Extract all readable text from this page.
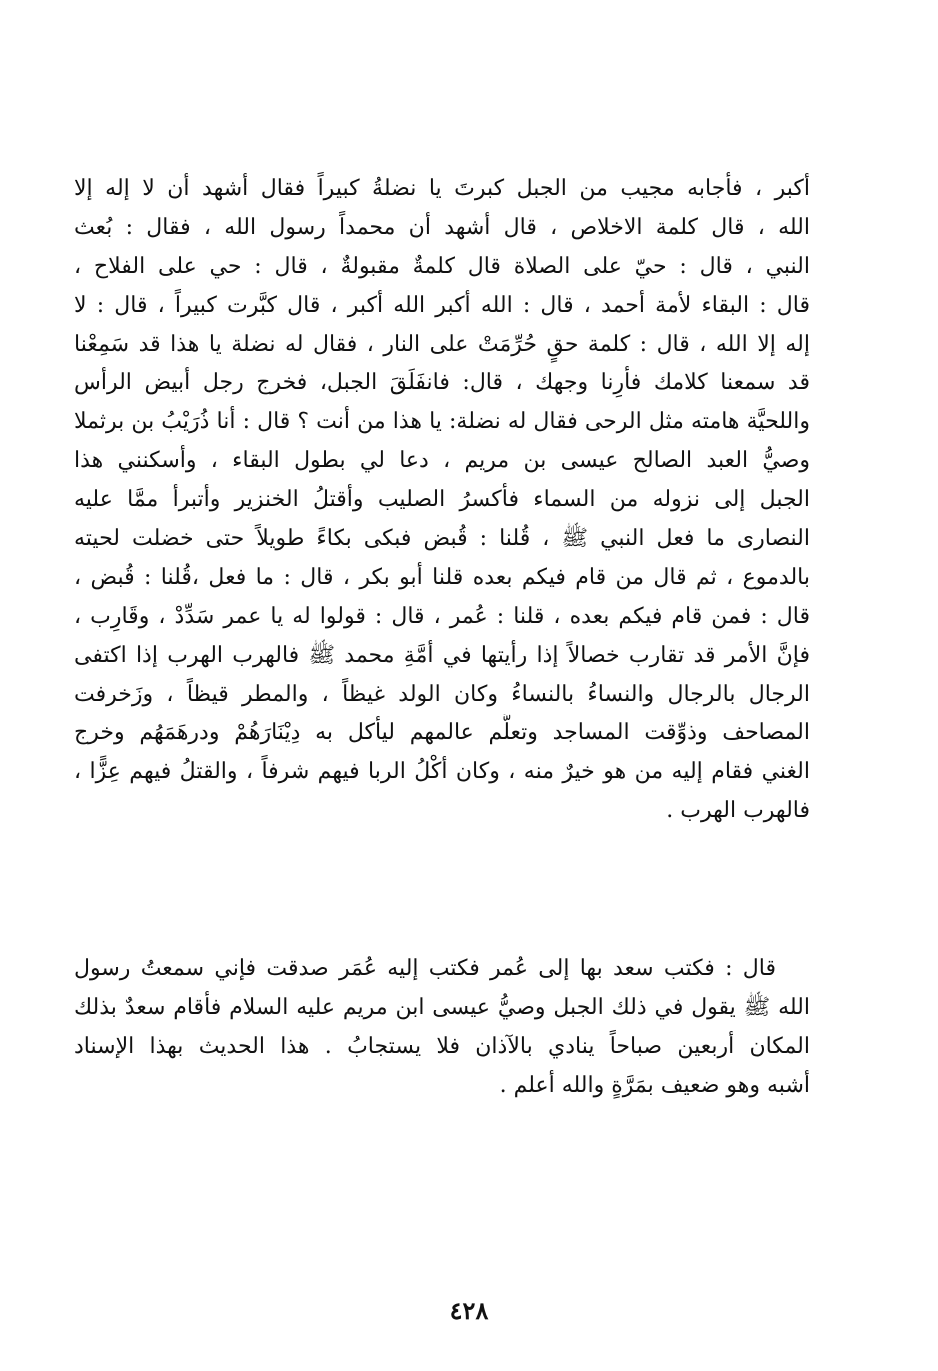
أكبر ، فأجابه مجيب من الجبل كبرتَ يا نضلةُ كبيراً فقال أشهد أن لا إله إلا
الله ، قال كلمة الاخلاص ، قال أشهد أن محمداً رسول الله ، فقال : بُعث
النبي ، قال : حيّ على الصلاة قال كلمةٌ مقبولةٌ ، قال : حي على الفلاح ،
قال : البقاء لأمة أحمد ، قال : الله أكبر الله أكبر ، قال كبَّرت كبيراً ، قال : لا
إله إلا الله ، قال : كلمة حقٍ حُرِّمَتْ على النار ، فقال له نضلة يا هذا قد سَمِعْنا
قد سمعنا كلامك فأرِنا وجهك ، قال: فانفَلَقَ الجبل، فخرج رجل أبيض الرأس
واللحيَّة هامته مثل الرحى فقال له نضلة: يا هذا من أنت ؟ قال : أنا ذُرَيْبُ بن برثملا
وصيُّ العبد الصالح عيسى بن مريم ، دعا لي بطول البقاء ، وأسكنني هذا
الجبل إلى نزوله من السماء فأكسرُ الصليب وأقتلُ الخنزير وأتبرأ ممَّا عليه
النصارى ما فعل النبي ﷺ ، قُلنا : قُبض فبكى بكاءً طويلاً حتى خضلت لحيته
بالدموع ، ثم قال من قام فيكم بعده قلنا أبو بكر ، قال : ما فعل ،قُلنا : قُبض ،
قال : فمن قام فيكم بعده ، قلنا : عُمر ، قال : قولوا له يا عمر سَدِّدْ ، وقَارِب ،
فإنَّ الأمر قد تقارب خصالاً إذا رأيتها في أمَّةِ محمد ﷺ فالهرب الهرب إذا اكتفى
الرجال بالرجال والنساءُ بالنساءُ وكان الولد غيظاً ، والمطر قيظاً ، وزَخرفت
المصاحف وذوِّقت المساجد وتعلَّم عالمهم ليأكل به دِيْنَارَهُمْ ودرهَمَهُم وخرج
الغني فقام إليه من هو خيرٌ منه ، وكان أكْلُ الربا فيهم شرفاً ، والقتلُ فيهم عِزًّا ،
فالهرب الهرب .
قال : فكتب سعد بها إلى عُمر فكتب إليه عُمَر صدقت فإني سمعتُ رسول
الله ﷺ يقول في ذلك الجبل وصيُّ عيسى ابن مريم عليه السلام فأقام سعدٌ بذلك
المكان أربعين صباحاً ينادي بالآذان فلا يستجابُ . هذا الحديث بهذا الإسناد
أشبه وهو ضعيف بمَرَّةٍ والله أعلم .
٤٢٨
